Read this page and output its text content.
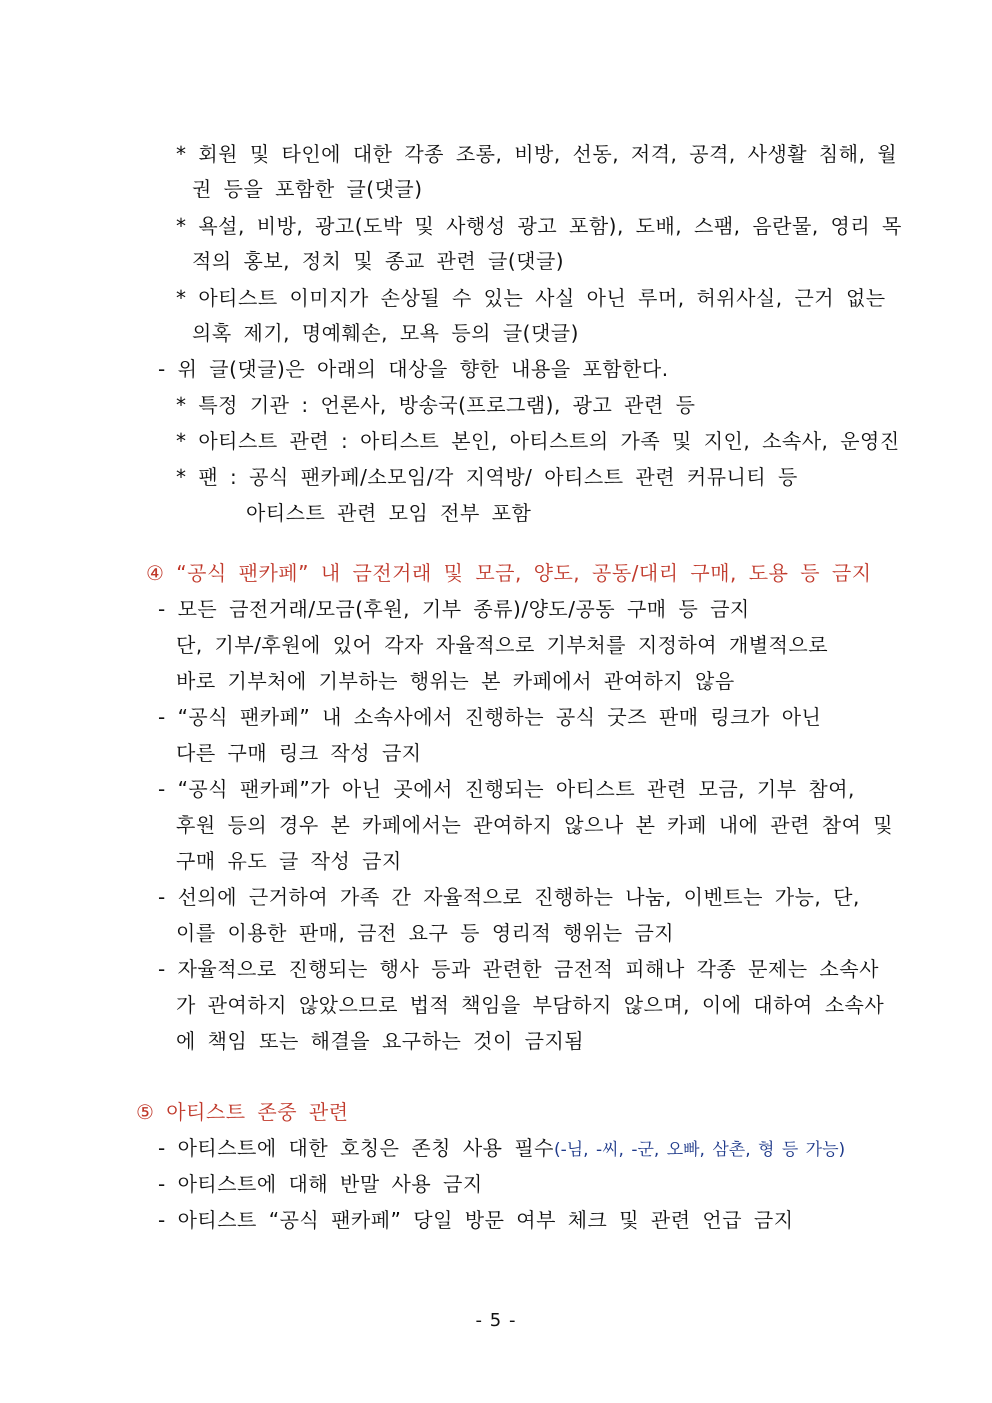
* 회원 및 타인에 대한 각종 조롱, 비방, 선동, 저격, 공격, 사생활 침해, 월
권 등을 포함한 글(댓글)
* 욕설, 비방, 광고(도박 및 사행성 광고 포함), 도배, 스팸, 음란물, 영리 목
적의 홍보, 정치 및 종교 관련 글(댓글)
* 아티스트 이미지가 손상될 수 있는 사실 아닌 루머, 허위사실, 근거 없는
의혹 제기, 명예훼손, 모욕 등의 글(댓글)
- 위 글(댓글)은 아래의 대상을 향한 내용을 포함한다.
* 특정 기관 : 언론사, 방송국(프로그램), 광고 관련 등
* 아티스트 관련 : 아티스트 본인, 아티스트의 가족 및 지인, 소속사, 운영진
* 팬 : 공식 팬카페/소모임/각 지역방/ 아티스트 관련 커뮤니티 등
아티스트 관련 모임 전부 포함
④ “공식 팬카페” 내 금전거래 및 모금, 양도, 공동/대리 구매, 도용 등 금지
- 모든 금전거래/모금(후원, 기부 종류)/양도/공동 구매 등 금지
단, 기부/후원에 있어 각자 자율적으로 기부처를 지정하여 개별적으로
바로 기부처에 기부하는 행위는 본 카페에서 관여하지 않음
- “공식 팬카페” 내 소속사에서 진행하는 공식 굿즈 판매 링크가 아닌
다른 구매 링크 작성 금지
- “공식 팬카페”가 아닌 곳에서 진행되는 아티스트 관련 모금, 기부 참여,
후원 등의 경우 본 카페에서는 관여하지 않으나 본 카페 내에 관련 참여 및
구매 유도 글 작성 금지
- 선의에 근거하여 가족 간 자율적으로 진행하는 나눔, 이벤트는 가능, 단,
이를 이용한 판매, 금전 요구 등 영리적 행위는 금지
- 자율적으로 진행되는 행사 등과 관련한 금전적 피해나 각종 문제는 소속사
가 관여하지 않았으므로 법적 책임을 부담하지 않으며, 이에 대하여 소속사
에 책임 또는 해결을 요구하는 것이 금지됨
⑤ 아티스트 존중 관련
- 아티스트에 대한 호칭은 존칭 사용 필수(-님, -씨, -군, 오빠, 삼촌, 형 등 가능)
- 아티스트에 대해 반말 사용 금지
- 아티스트 “공식 팬카페” 당일 방문 여부 체크 및 관련 언급 금지
- 5 -
